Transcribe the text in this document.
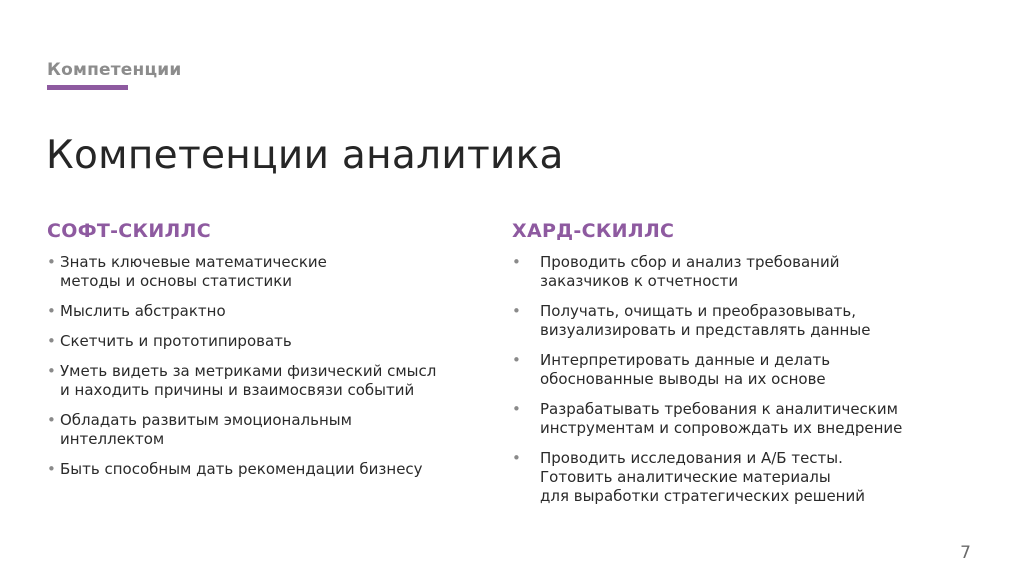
Компетенции
Компетенции аналитика
СОФТ-СКИЛЛС
• Знать ключевые математические
методы и основы статистики
• Мыслить абстрактно
• Скетчить и прототипировать
• Уметь видеть за метриками физический смысл
и находить причины и взаимосвязи событий
• Обладать развитым эмоциональным
интеллектом
• Быть способным дать рекомендации бизнесу
ХАРД-СКИЛЛС
• Проводить сбор и анализ требований
заказчиков к отчетности
• Получать, очищать и преобразовывать,
визуализировать и представлять данные
• Интерпретировать данные и делать
обоснованные выводы на их основе
• Разрабатывать требования к аналитическим
инструментам и сопровождать их внедрение
• Проводить исследования и А/Б тесты.
Готовить аналитические материалы
для выработки стратегических решений
7
